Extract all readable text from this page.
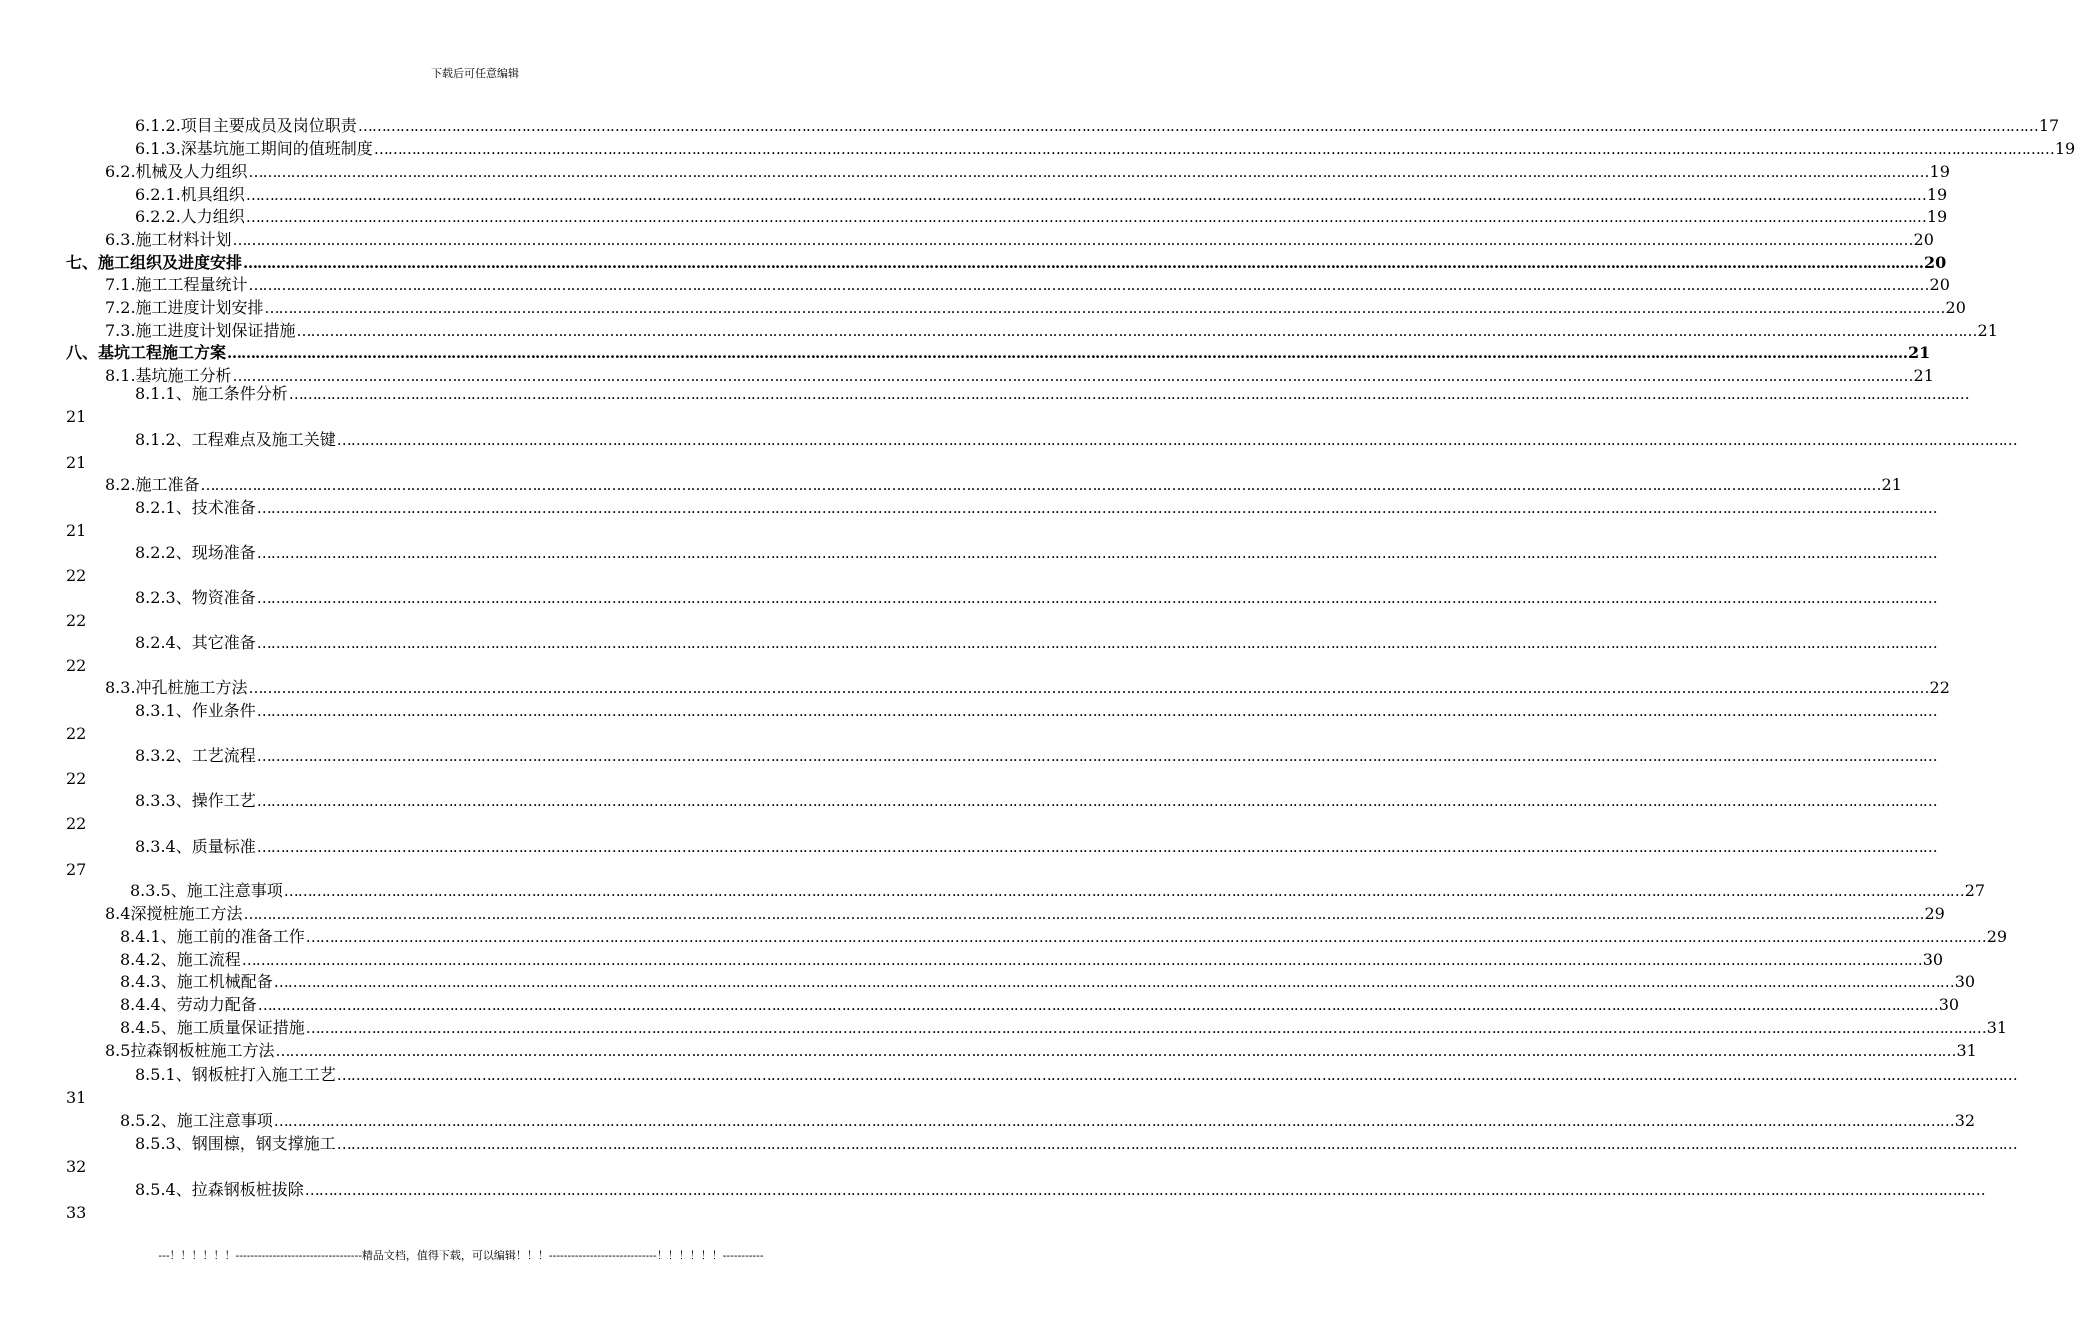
下载后可任意编辑
6.1.2.项目主要成员及岗位职责 ……………………………………………………………………………………………………………………………………………………………………………………………………………………………………………………………………………………………………………………………… 17
6.1.3.深基坑施工期间的值班制度 ……………………………………………………………………………………………………………………………………………………………………………………………………………………………………………………………………………………………………………………………… 19
6.2.机械及人力组织 ……………………………………………………………………………………………………………………………………………………………………………………………………………………………………………………………………………………………………………………………… 19
6.2.1.机具组织 ……………………………………………………………………………………………………………………………………………………………………………………………………………………………………………………………………………………………………………………………… 19
6.2.2.人力组织 ……………………………………………………………………………………………………………………………………………………………………………………………………………………………………………………………………………………………………………………………… 19
6.3.施工材料计划 ……………………………………………………………………………………………………………………………………………………………………………………………………………………………………………………………………………………………………………………………… 20
七、施工组织及进度安排 ……………………………………………………………………………………………………………………………………………………………………………………………………………………………………………………………………………………………………………………………… 20
7.1.施工工程量统计 ……………………………………………………………………………………………………………………………………………………………………………………………………………………………………………………………………………………………………………………………… 20
7.2.施工进度计划安排 ……………………………………………………………………………………………………………………………………………………………………………………………………………………………………………………………………………………………………………………………… 20
7.3.施工进度计划保证措施 ……………………………………………………………………………………………………………………………………………………………………………………………………………………………………………………………………………………………………………………………… 21
八、基坑工程施工方案 ……………………………………………………………………………………………………………………………………………………………………………………………………………………………………………………………………………………………………………………………… 21
8.1.基坑施工分析 ……………………………………………………………………………………………………………………………………………………………………………………………………………………………………………………………………………………………………………………………… 21
8.1.1、施工条件分析 ………………………………………………………………………………………………………………………………………………………………………………………………………………………………………………………………………………………………………………………………
21
8.1.2、工程难点及施工关键 ………………………………………………………………………………………………………………………………………………………………………………………………………………………………………………………………………………………………………………………………
21
8.2.施工准备 ……………………………………………………………………………………………………………………………………………………………………………………………………………………………………………………………………………………………………………………………… 21
8.2.1、技术准备 ………………………………………………………………………………………………………………………………………………………………………………………………………………………………………………………………………………………………………………………………
21
8.2.2、现场准备 ………………………………………………………………………………………………………………………………………………………………………………………………………………………………………………………………………………………………………………………………
22
8.2.3、物资准备 ………………………………………………………………………………………………………………………………………………………………………………………………………………………………………………………………………………………………………………………………
22
8.2.4、其它准备 ………………………………………………………………………………………………………………………………………………………………………………………………………………………………………………………………………………………………………………………………
22
8.3.冲孔桩施工方法 ……………………………………………………………………………………………………………………………………………………………………………………………………………………………………………………………………………………………………………………………… 22
8.3.1、作业条件 ………………………………………………………………………………………………………………………………………………………………………………………………………………………………………………………………………………………………………………………………
22
8.3.2、工艺流程 ………………………………………………………………………………………………………………………………………………………………………………………………………………………………………………………………………………………………………………………………
22
8.3.3、操作工艺 ………………………………………………………………………………………………………………………………………………………………………………………………………………………………………………………………………………………………………………………………
22
8.3.4、质量标准 ………………………………………………………………………………………………………………………………………………………………………………………………………………………………………………………………………………………………………………………………
27
8.3.5、施工注意事项 ……………………………………………………………………………………………………………………………………………………………………………………………………………………………………………………………………………………………………………………………… 27
8.4深搅桩施工方法 ……………………………………………………………………………………………………………………………………………………………………………………………………………………………………………………………………………………………………………………………… 29
8.4.1、施工前的准备工作 ……………………………………………………………………………………………………………………………………………………………………………………………………………………………………………………………………………………………………………………………… 29
8.4.2、施工流程 ……………………………………………………………………………………………………………………………………………………………………………………………………………………………………………………………………………………………………………………………… 30
8.4.3、施工机械配备 ……………………………………………………………………………………………………………………………………………………………………………………………………………………………………………………………………………………………………………………………… 30
8.4.4、劳动力配备 ……………………………………………………………………………………………………………………………………………………………………………………………………………………………………………………………………………………………………………………………… 30
8.4.5、施工质量保证措施 ……………………………………………………………………………………………………………………………………………………………………………………………………………………………………………………………………………………………………………………………… 31
8.5拉森钢板桩施工方法 ……………………………………………………………………………………………………………………………………………………………………………………………………………………………………………………………………………………………………………………………… 31
8.5.1、钢板桩打入施工工艺 ………………………………………………………………………………………………………………………………………………………………………………………………………………………………………………………………………………………………………………………………
31
8.5.2、施工注意事项 ……………………………………………………………………………………………………………………………………………………………………………………………………………………………………………………………………………………………………………………………… 32
8.5.3、钢围檩，钢支撑施工 ………………………………………………………………………………………………………………………………………………………………………………………………………………………………………………………………………………………………………………………………
32
8.5.4、拉森钢板桩拔除 ………………………………………………………………………………………………………………………………………………………………………………………………………………………………………………………………………………………………………………………………
33
---！！！！！！----------------------------------精品文档，值得下载，可以编辑！！！-----------------------------！！！！！！-----------
